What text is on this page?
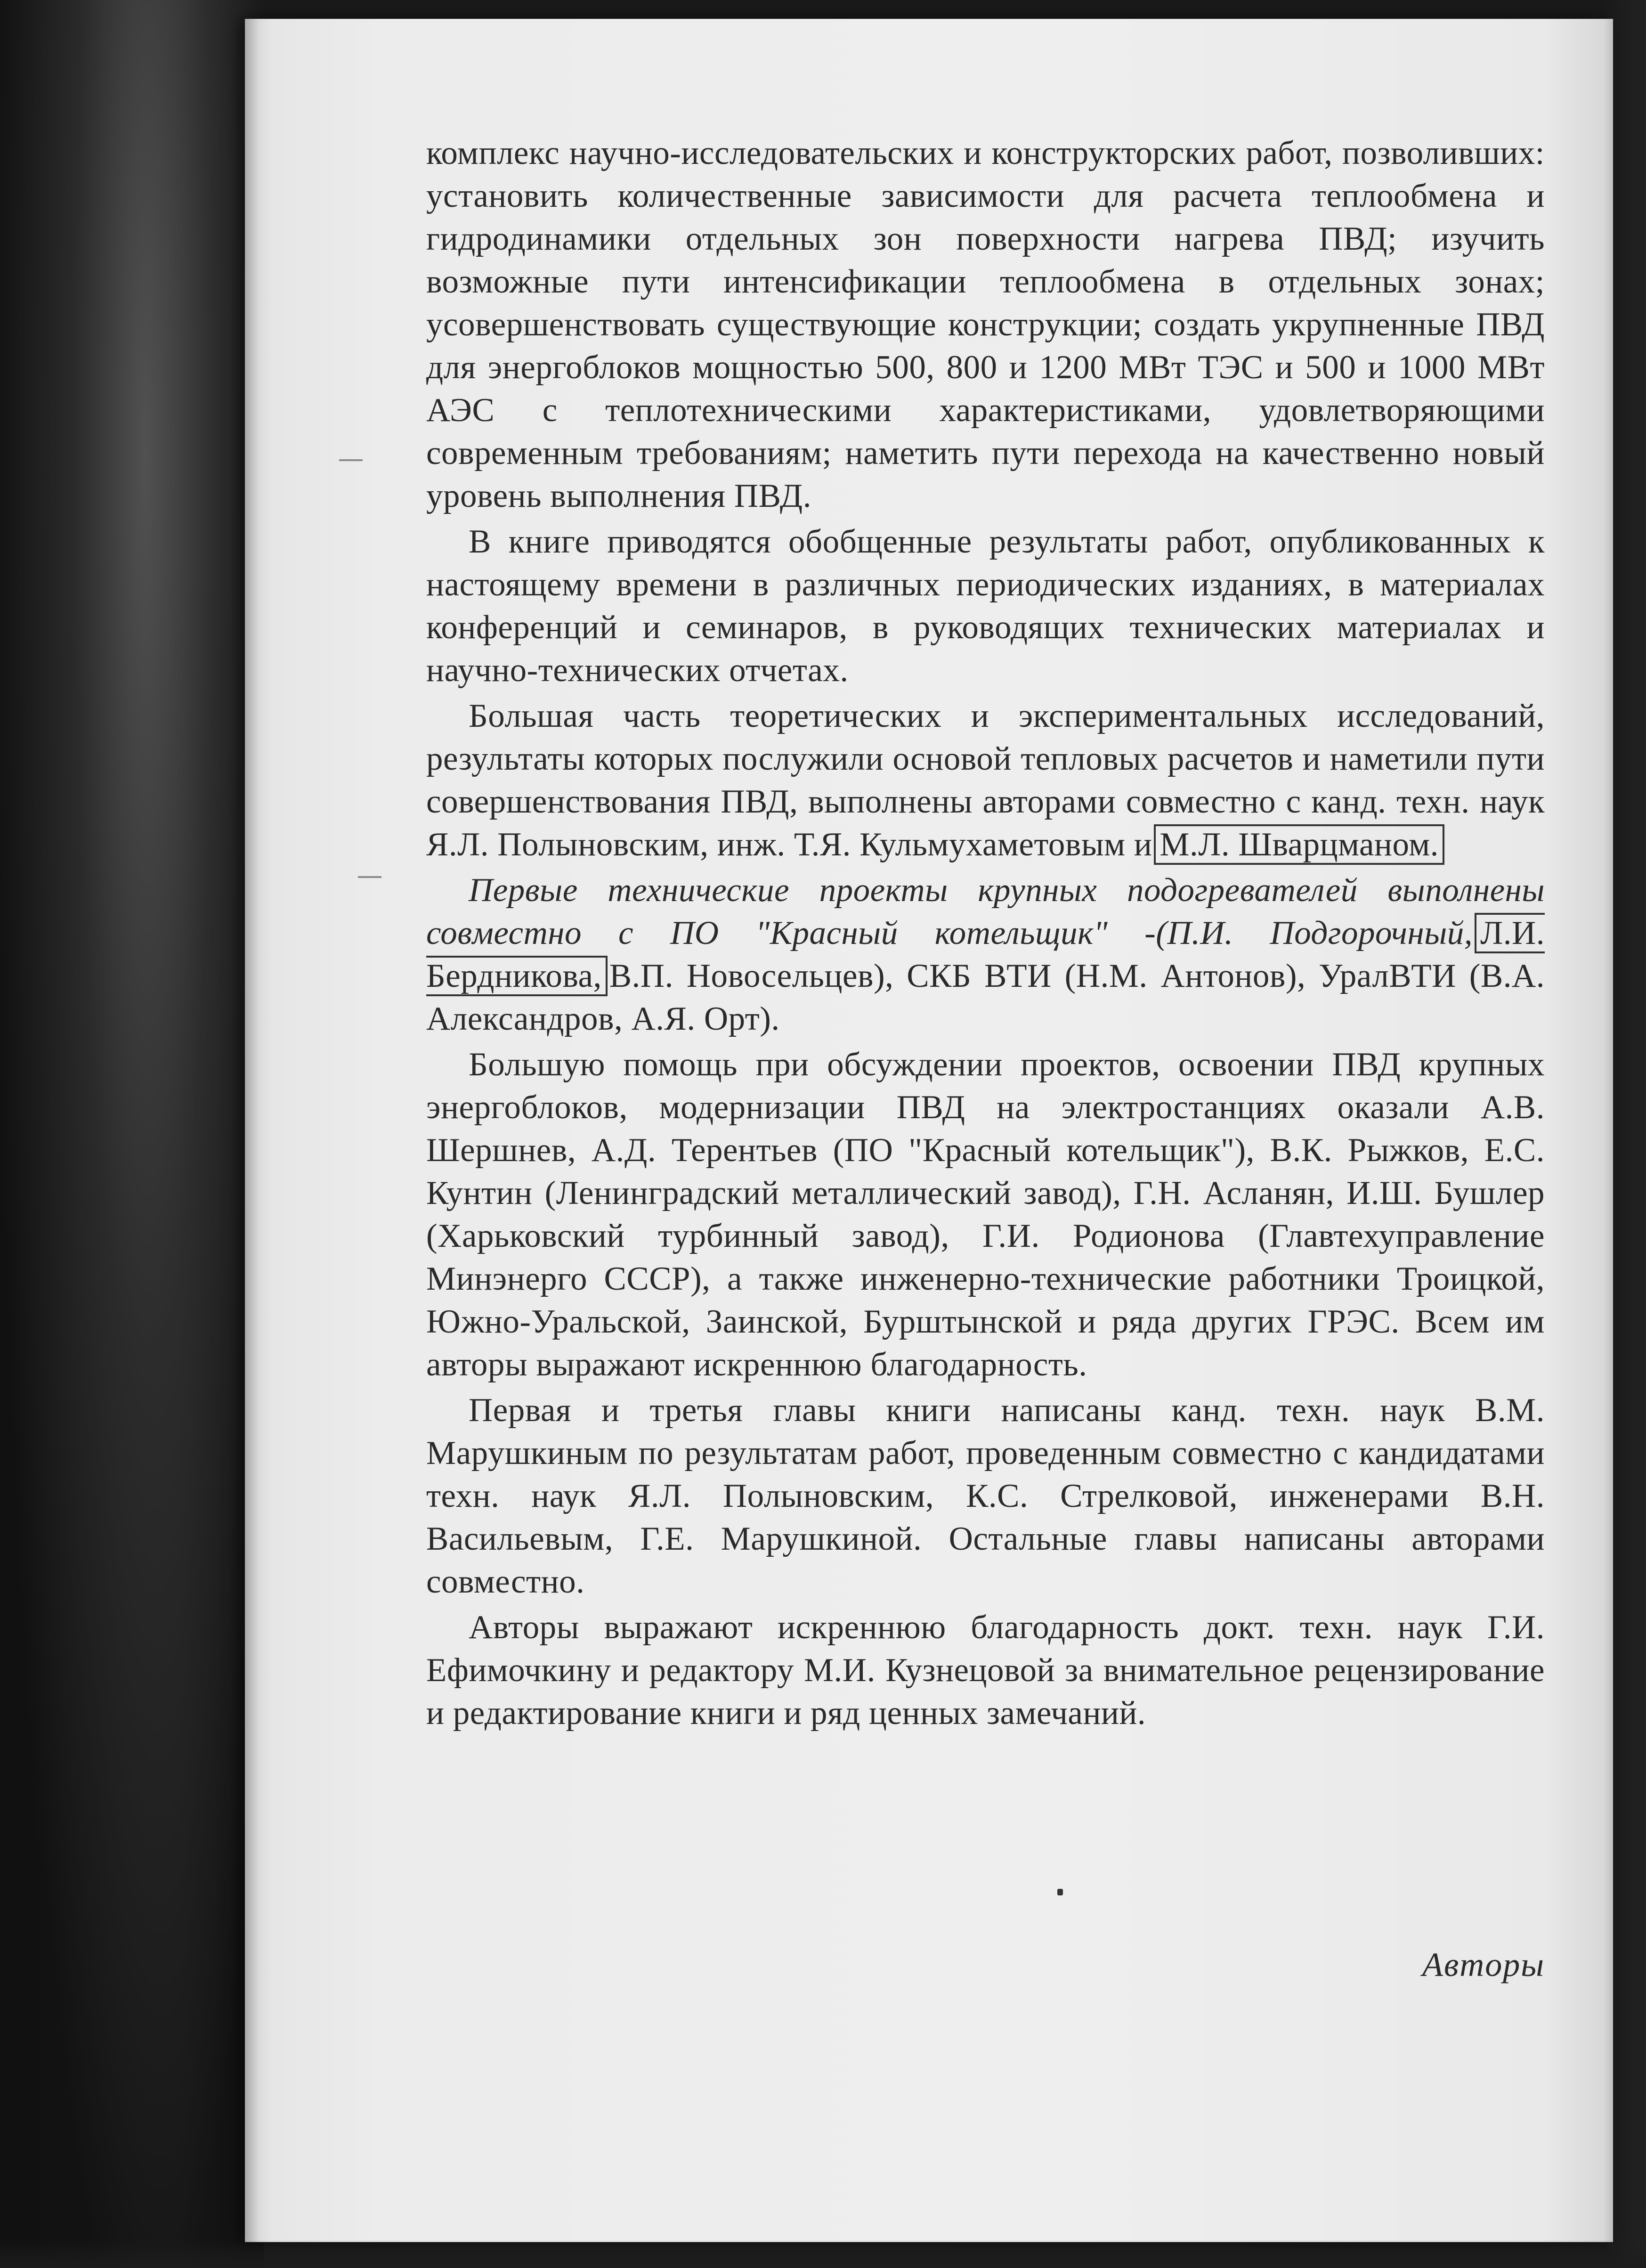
комплекс научно-исследовательских и конструкторских работ, позволивших: установить количественные зависимости для расчета теплообмена и гидродинамики отдельных зон поверхности нагрева ПВД; изучить возможные пути интенсификации теплообмена в отдельных зонах; усовершенствовать существующие конструкции; создать укрупненные ПВД для энергоблоков мощностью 500, 800 и 1200 МВт ТЭС и 500 и 1000 МВт АЭС с теплотехническими характеристиками, удовлетворяющими современным требованиям; наметить пути перехода на качественно новый уровень выполнения ПВД.

В книге приводятся обобщенные результаты работ, опубликованных к настоящему времени в различных периодических изданиях, в материалах конференций и семинаров, в руководящих технических материалах и научно-технических отчетах.

Большая часть теоретических и экспериментальных исследований, результаты которых послужили основой тепловых расчетов и наметили пути совершенствования ПВД, выполнены авторами совместно с канд. техн. наук Я.Л. Полыновским, инж. Т.Я. Кульмухаметовым и М.Л. Шварцманом.

Первые технические проекты крупных подогревателей выполнены совместно с ПО "Красный котельщик" -(П.И. Подгорочный, Л.И. Бердникова, В.П. Новосельцев), СКБ ВТИ (Н.М. Антонов), УралВТИ (В.А. Александров, А.Я. Орт).

Большую помощь при обсуждении проектов, освоении ПВД крупных энергоблоков, модернизации ПВД на электростанциях оказали А.В. Шершнев, А.Д. Терентьев (ПО "Красный котельщик"), В.К. Рыжков, Е.С. Кунтин (Ленинградский металлический завод), Г.Н. Асланян, И.Ш. Бушлер (Харьковский турбинный завод), Г.И. Родионова (Главтехуправление Минэнерго СССР), а также инженерно-технические работники Троицкой, Южно-Уральской, Заинской, Бурштынской и ряда других ГРЭС. Всем им авторы выражают искреннюю благодарность.

Первая и третья главы книги написаны канд. техн. наук В.М. Марушкиным по результатам работ, проведенным совместно с кандидатами техн. наук Я.Л. Полыновским, К.С. Стрелковой, инженерами В.Н. Васильевым, Г.Е. Марушкиной. Остальные главы написаны авторами совместно.

Авторы выражают искреннюю благодарность докт. техн. наук Г.И. Ефимочкину и редактору М.И. Кузнецовой за внимательное рецензирование и редактирование книги и ряд ценных замечаний.

Авторы
